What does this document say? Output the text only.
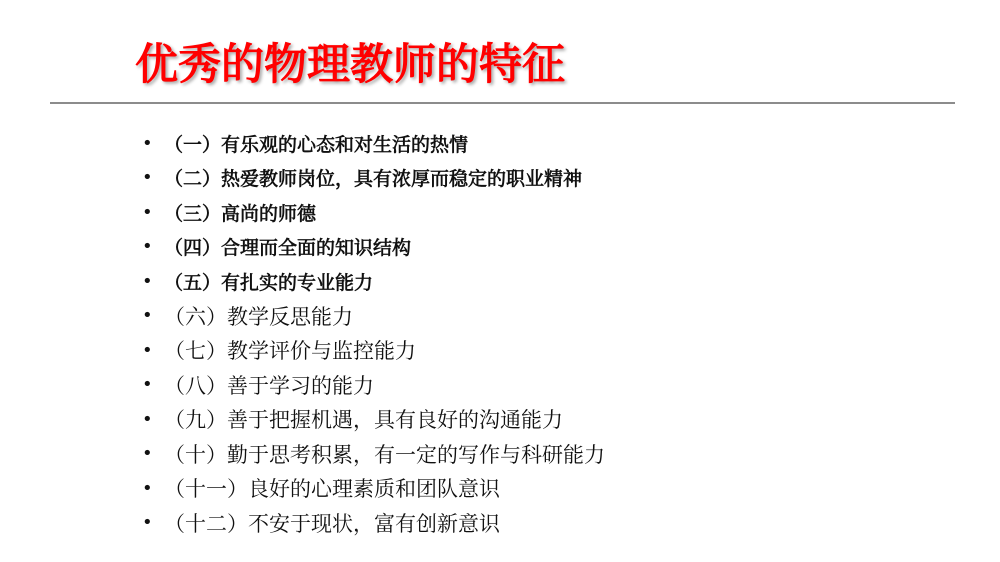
优秀的物理教师的特征
• （一）有乐观的心态和对生活的热情
• （二）热爱教师岗位，具有浓厚而稳定的职业精神
• （三）高尚的师德
• （四）合理而全面的知识结构
• （五）有扎实的专业能力
• （六）教学反思能力
• （七）教学评价与监控能力
• （八）善于学习的能力
• （九）善于把握机遇，具有良好的沟通能力
• （十）勤于思考积累，有一定的写作与科研能力
• （十一）良好的心理素质和团队意识
• （十二）不安于现状，富有创新意识
